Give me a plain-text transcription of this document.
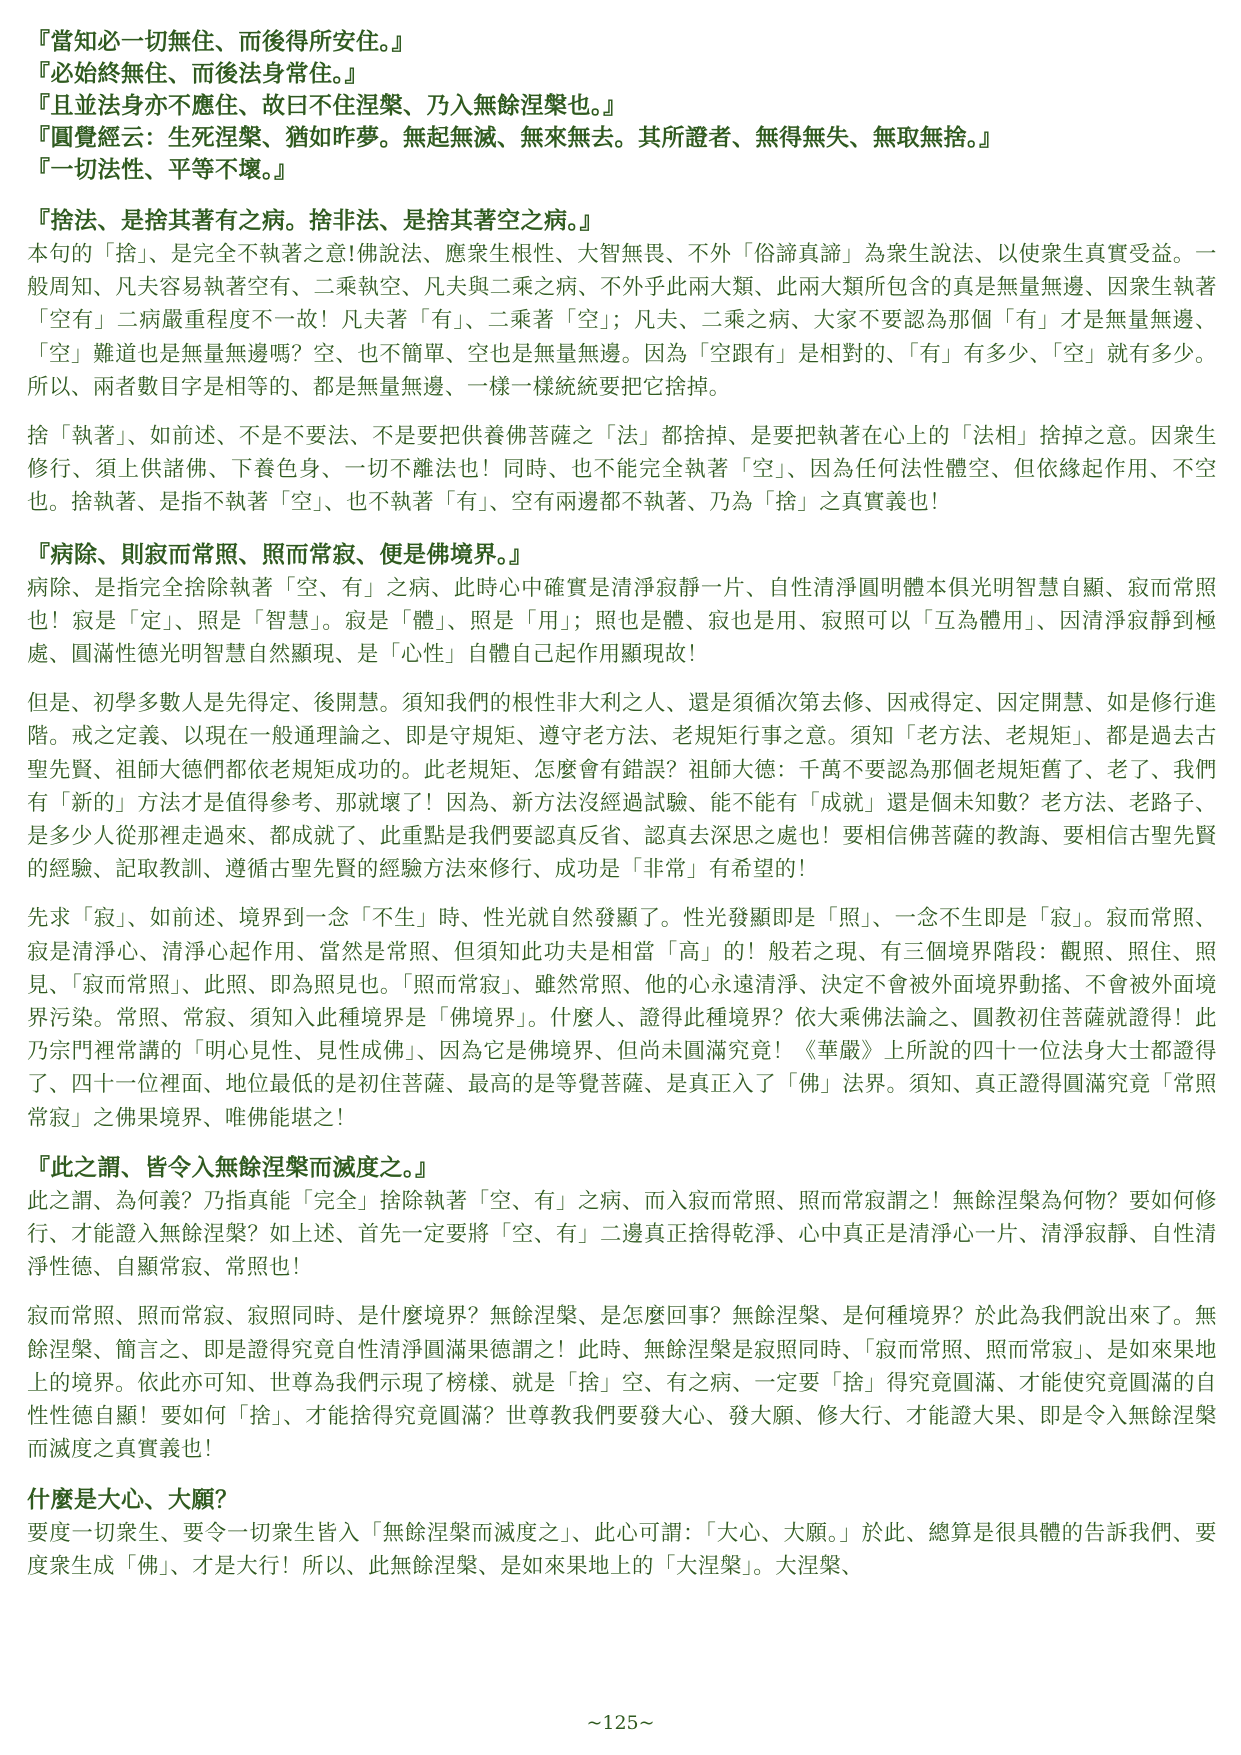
『當知必一切無住、而後得所安住。』

『必始終無住、而後法身常住。』

『且並法身亦不應住、故曰不住涅槃、乃入無餘涅槃也。』

『圓覺經云：生死涅槃、猶如昨夢。無起無滅、無來無去。其所證者、無得無失、無取無捨。』

『一切法性、平等不壞。』

『捨法、是捨其著有之病。捨非法、是捨其著空之病。』

本句的「捨」、是完全不執著之意!佛說法、應衆生根性、大智無畏、不外「俗諦真諦」為衆生說法、以使衆生真實受益。一般周知、凡夫容易執著空有、二乘執空、凡夫與二乘之病、不外乎此兩大類、此兩大類所包含的真是無量無邊、因衆生執著「空有」二病嚴重程度不一故！凡夫著「有」、二乘著「空」；凡夫、二乘之病、大家不要認為那個「有」才是無量無邊、「空」難道也是無量無邊嗎？空、也不簡單、空也是無量無邊。因為「空跟有」是相對的、「有」有多少、「空」就有多少。所以、兩者數目字是相等的、都是無量無邊、一樣一樣統統要把它捨掉。

捨「執著」、如前述、不是不要法、不是要把供養佛菩薩之「法」都捨掉、是要把執著在心上的「法相」捨掉之意。因衆生修行、須上供諸佛、下養色身、一切不離法也！同時、也不能完全執著「空」、因為任何法性體空、但依緣起作用、不空也。捨執著、是指不執著「空」、也不執著「有」、空有兩邊都不執著、乃為「捨」之真實義也！

『病除、則寂而常照、照而常寂、便是佛境界。』

病除、是指完全捨除執著「空、有」之病、此時心中確實是清淨寂靜一片、自性清淨圓明體本俱光明智慧自顯、寂而常照也！寂是「定」、照是「智慧」。寂是「體」、照是「用」；照也是體、寂也是用、寂照可以「互為體用」、因清淨寂靜到極處、圓滿性德光明智慧自然顯現、是「心性」自體自己起作用顯現故！

但是、初學多數人是先得定、後開慧。須知我們的根性非大利之人、還是須循次第去修、因戒得定、因定開慧、如是修行進階。戒之定義、以現在一般通理論之、即是守規矩、遵守老方法、老規矩行事之意。須知「老方法、老規矩」、都是過去古聖先賢、祖師大德們都依老規矩成功的。此老規矩、怎麼會有錯誤？祖師大德：千萬不要認為那個老規矩舊了、老了、我們有「新的」方法才是值得參考、那就壞了！因為、新方法沒經過試驗、能不能有「成就」還是個未知數？老方法、老路子、是多少人從那裡走過來、都成就了、此重點是我們要認真反省、認真去深思之處也！要相信佛菩薩的教誨、要相信古聖先賢的經驗、記取教訓、遵循古聖先賢的經驗方法來修行、成功是「非常」有希望的！

先求「寂」、如前述、境界到一念「不生」時、性光就自然發顯了。性光發顯即是「照」、一念不生即是「寂」。寂而常照、寂是清淨心、清淨心起作用、當然是常照、但須知此功夫是相當「高」的！般若之現、有三個境界階段：觀照、照住、照見、「寂而常照」、此照、即為照見也。「照而常寂」、雖然常照、他的心永遠清淨、決定不會被外面境界動搖、不會被外面境界污染。常照、常寂、須知入此種境界是「佛境界」。什麼人、證得此種境界？依大乘佛法論之、圓教初住菩薩就證得！此乃宗門裡常講的「明心見性、見性成佛」、因為它是佛境界、但尚未圓滿究竟！《華嚴》上所說的四十一位法身大士都證得了、四十一位裡面、地位最低的是初住菩薩、最高的是等覺菩薩、是真正入了「佛」法界。須知、真正證得圓滿究竟「常照常寂」之佛果境界、唯佛能堪之！

『此之謂、皆令入無餘涅槃而滅度之。』

此之謂、為何義？乃指真能「完全」捨除執著「空、有」之病、而入寂而常照、照而常寂謂之！無餘涅槃為何物？要如何修行、才能證入無餘涅槃？如上述、首先一定要將「空、有」二邊真正捨得乾淨、心中真正是清淨心一片、清淨寂靜、自性清淨性德、自顯常寂、常照也！

寂而常照、照而常寂、寂照同時、是什麼境界？無餘涅槃、是怎麼回事？無餘涅槃、是何種境界？於此為我們說出來了。無餘涅槃、簡言之、即是證得究竟自性清淨圓滿果德謂之！此時、無餘涅槃是寂照同時、「寂而常照、照而常寂」、是如來果地上的境界。依此亦可知、世尊為我們示現了榜樣、就是「捨」空、有之病、一定要「捨」得究竟圓滿、才能使究竟圓滿的自性性德自顯！要如何「捨」、才能捨得究竟圓滿？世尊教我們要發大心、發大願、修大行、才能證大果、即是令入無餘涅槃而滅度之真實義也！

什麼是大心、大願？

要度一切衆生、要令一切衆生皆入「無餘涅槃而滅度之」、此心可謂：「大心、大願。」於此、總算是很具體的告訴我們、要度衆生成「佛」、才是大行！所以、此無餘涅槃、是如來果地上的「大涅槃」。大涅槃、

~125~
